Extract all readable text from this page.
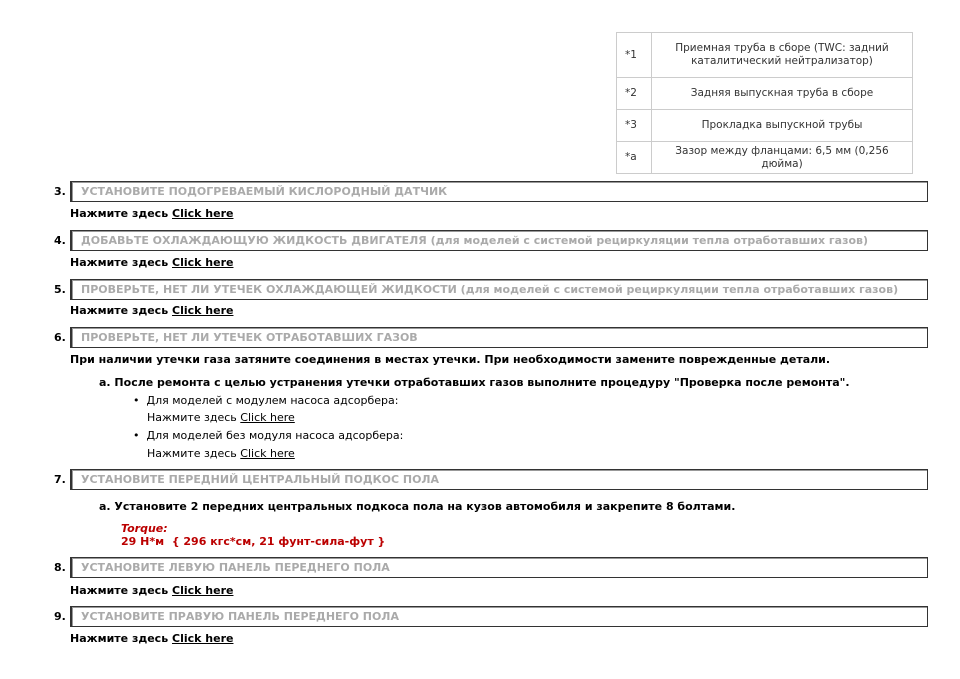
*1	Приемная труба в сборе (TWC: задний каталитический нейтрализатор)
*2	Задняя выпускная труба в сборе
*3	Прокладка выпускной трубы
*a	Зазор между фланцами: 6,5 мм (0,256 дюйма)
3.	УСТАНОВИТЕ ПОДОГРЕВАЕМЫЙ КИСЛОРОДНЫЙ ДАТЧИК
Нажмите здесь Click here
4.	ДОБАВЬТЕ ОХЛАЖДАЮЩУЮ ЖИДКОСТЬ ДВИГАТЕЛЯ (для моделей с системой рециркуляции тепла отработавших газов)
Нажмите здесь Click here
5.	ПРОВЕРЬТЕ, НЕТ ЛИ УТЕЧЕК ОХЛАЖДАЮЩЕЙ ЖИДКОСТИ (для моделей с системой рециркуляции тепла отработавших газов)
Нажмите здесь Click here
6.	ПРОВЕРЬТЕ, НЕТ ЛИ УТЕЧЕК ОТРАБОТАВШИХ ГАЗОВ
При наличии утечки газа затяните соединения в местах утечки. При необходимости замените поврежденные детали.
a. После ремонта с целью устранения утечки отработавших газов выполните процедуру "Проверка после ремонта".
•  Для моделей с модулем насоса адсорбера:
Нажмите здесь Click here
•  Для моделей без модуля насоса адсорбера:
Нажмите здесь Click here
7.	УСТАНОВИТЕ ПЕРЕДНИЙ ЦЕНТРАЛЬНЫЙ ПОДКОС ПОЛА
a. Установите 2 передних центральных подкоса пола на кузов автомобиля и закрепите 8 болтами.
Torque:
29 Н*м  { 296 кгс*см, 21 фунт-сила-фут }
8.	УСТАНОВИТЕ ЛЕВУЮ ПАНЕЛЬ ПЕРЕДНЕГО ПОЛА
Нажмите здесь Click here
9.	УСТАНОВИТЕ ПРАВУЮ ПАНЕЛЬ ПЕРЕДНЕГО ПОЛА
Нажмите здесь Click here
